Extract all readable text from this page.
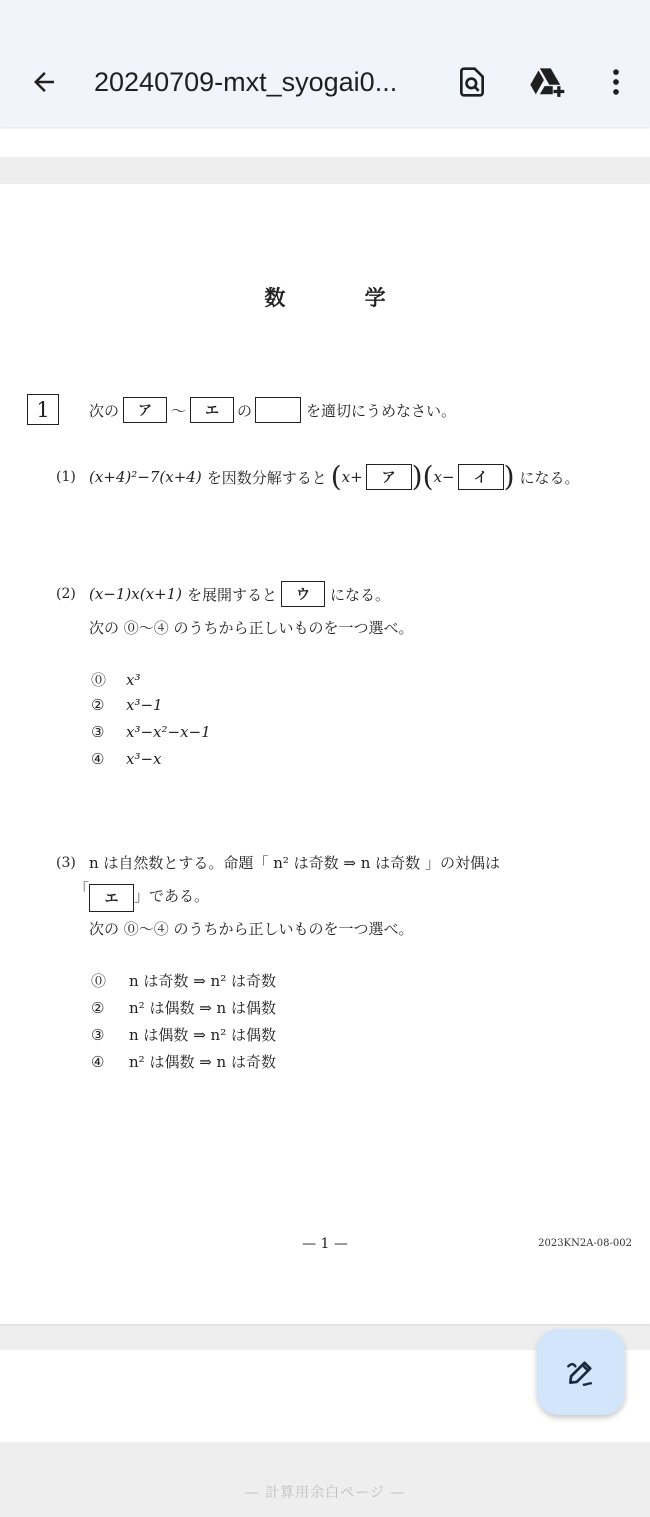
20240709-mxt_syogai0...
数 学
1	次の	ア	〜	エ	の	を適切にうめなさい。
(1) (x+4)²−7(x+4) を因数分解すると ( x+	ア )( x−	イ ) になる。
(2) (x−1)x(x+1) を展開すると	ウ	になる。
次の ⓪〜④ のうちから正しいものを一つ選べ。
⓪	x³
②	x³−1
③	x³−x²−x−1
④	x³−x
(3) n は自然数とする。命題「 n² は奇数 ⇒ n は奇数 」の対偶は
「
エ	」である。
次の ⓪〜④ のうちから正しいものを一つ選べ。
⓪	n は奇数 ⇒ n² は奇数
②	n² は偶数 ⇒ n は偶数
③	n は偶数 ⇒ n² は偶数
④	n² は偶数 ⇒ n は奇数
— 1 —	2023KN2A-08-002
— 計算用余白ページ —
